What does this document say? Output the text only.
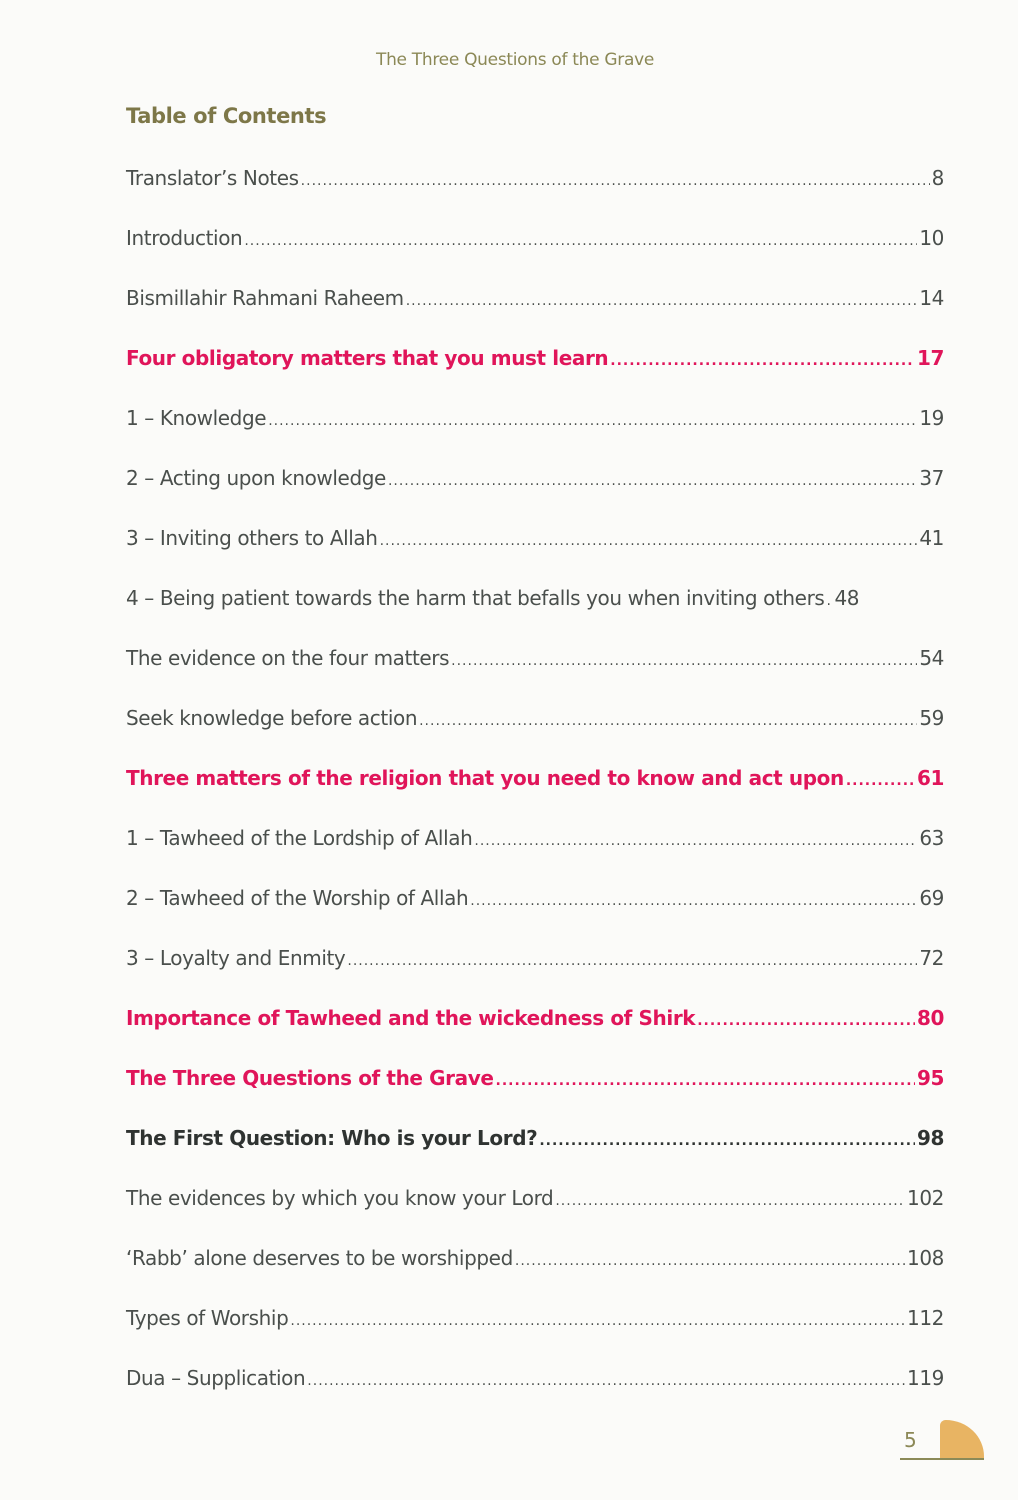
The Three Questions of the Grave
Table of Contents
Translator’s Notes .....	8
Introduction .....	10
Bismillahir Rahmani Raheem .....	14
Four obligatory matters that you must learn .....	17
1 – Knowledge .....	19
2 – Acting upon knowledge .....	37
3 – Inviting others to Allah .....	41
4 – Being patient towards the harm that befalls you when inviting others . 48
The evidence on the four matters .....	54
Seek knowledge before action .....	59
Three matters of the religion that you need to know and act upon .....	61
1 – Tawheed of the Lordship of Allah .....	63
2 – Tawheed of the Worship of Allah .....	69
3 – Loyalty and Enmity .....	72
Importance of Tawheed and the wickedness of Shirk .....	80
The Three Questions of the Grave .....	95
The First Question: Who is your Lord? .....	98
The evidences by which you know your Lord .....	102
‘Rabb’ alone deserves to be worshipped .....	108
Types of Worship .....	112
Dua – Supplication .....	119
5
